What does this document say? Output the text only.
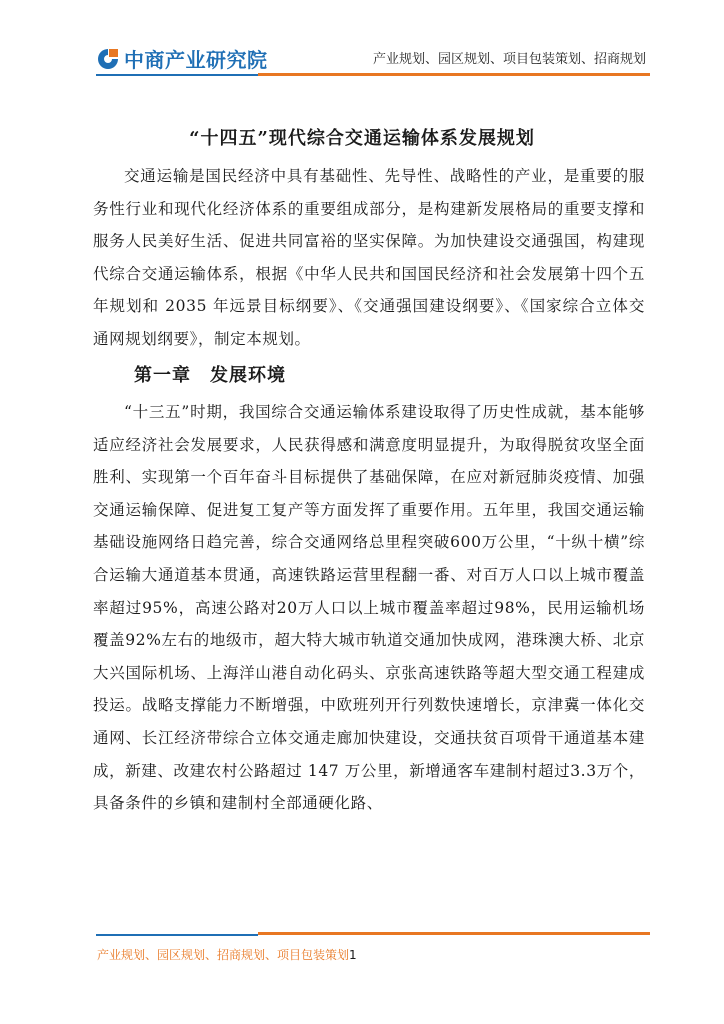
中商产业研究院	产业规划、园区规划、项目包装策划、招商规划
“十四五”现代综合交通运输体系发展规划

交通运输是国民经济中具有基础性、先导性、战略性的产业，是重要的服务性行业和现代化经济体系的重要组成部分，是构建新发展格局的重要支撑和服务人民美好生活、促进共同富裕的坚实保障。为加快建设交通强国，构建现代综合交通运输体系，根据《中华人民共和国国民经济和社会发展第十四个五年规划和 2035 年远景目标纲要》、《交通强国建设纲要》、《国家综合立体交通网规划纲要》，制定本规划。

第一章　发展环境

“十三五”时期，我国综合交通运输体系建设取得了历史性成就，基本能够适应经济社会发展要求，人民获得感和满意度明显提升，为取得脱贫攻坚全面胜利、实现第一个百年奋斗目标提供了基础保障，在应对新冠肺炎疫情、加强交通运输保障、促进复工复产等方面发挥了重要作用。五年里，我国交通运输基础设施网络日趋完善，综合交通网络总里程突破600万公里，“十纵十横”综合运输大通道基本贯通，高速铁路运营里程翻一番、对百万人口以上城市覆盖率超过95%，高速公路对20万人口以上城市覆盖率超过98%，民用运输机场覆盖92%左右的地级市，超大特大城市轨道交通加快成网，港珠澳大桥、北京大兴国际机场、上海洋山港自动化码头、京张高速铁路等超大型交通工程建成投运。战略支撑能力不断增强，中欧班列开行列数快速增长，京津冀一体化交通网、长江经济带综合立体交通走廊加快建设，交通扶贫百项骨干通道基本建成，新建、改建农村公路超过 147 万公里，新增通客车建制村超过3.3万个，具备条件的乡镇和建制村全部通硬化路、

产业规划、园区规划、招商规划、项目包装策划1
